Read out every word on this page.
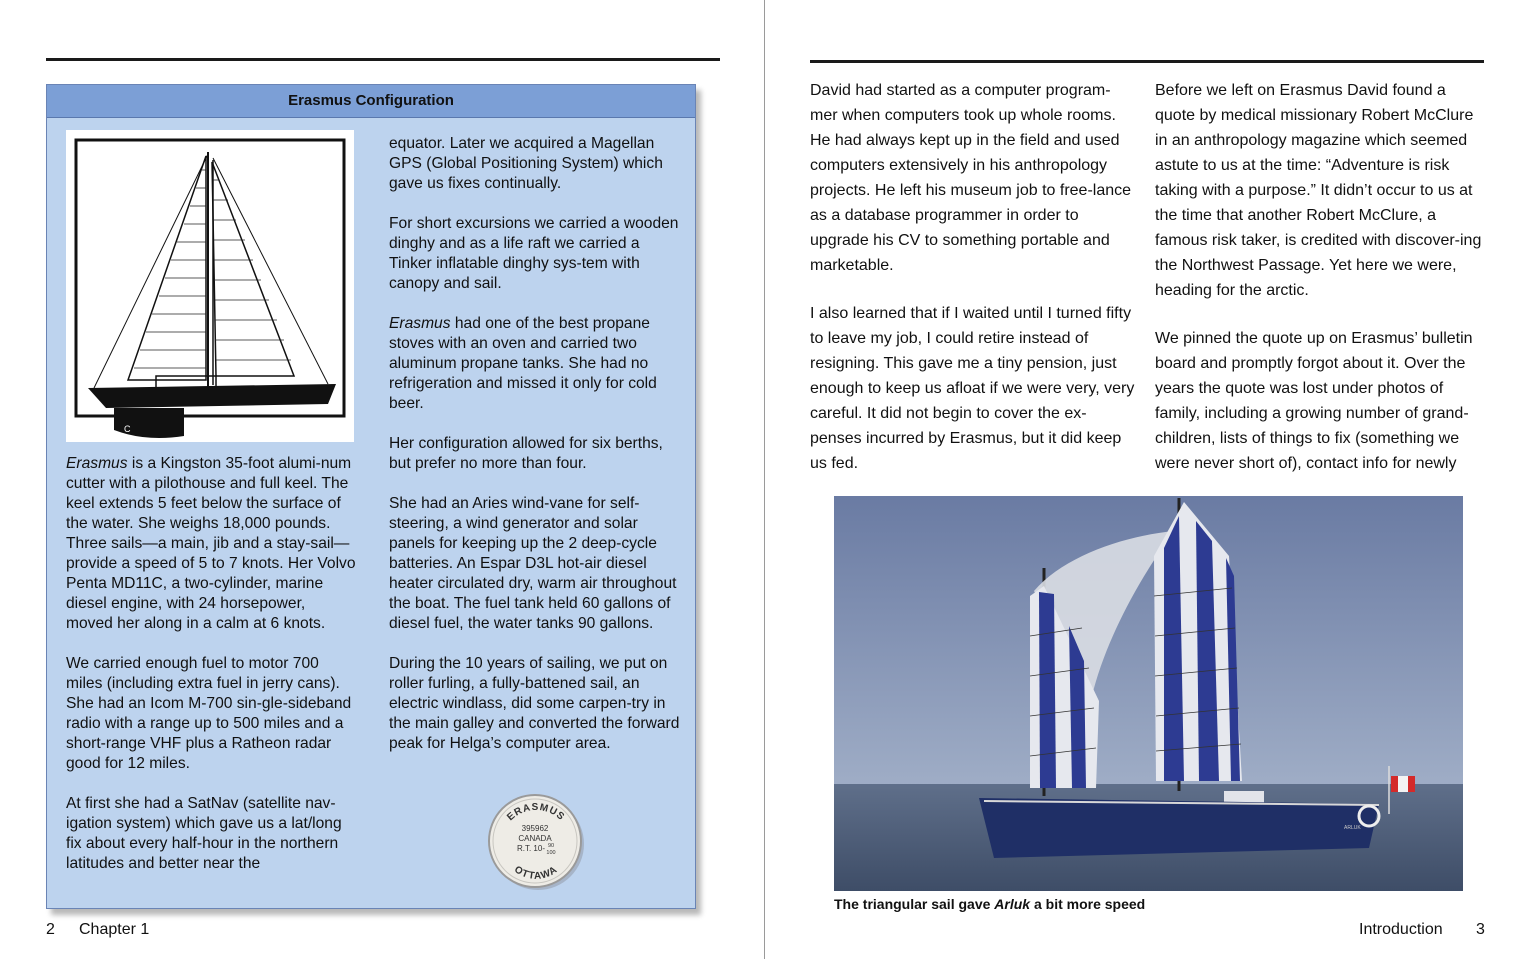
Erasmus Configuration
C

Erasmus is a Kingston 35-foot alumi-num cutter with a pilothouse and full keel. The keel extends 5 feet below the surface of the water. She weighs 18,000 pounds. Three sails—a main, jib and a stay-sail—provide a speed of 5 to 7 knots. Her Volvo Penta MD11C, a two-cylinder, marine diesel engine, with 24 horsepower, moved her along in a calm at 6 knots.

We carried enough fuel to motor 700 miles (including extra fuel in jerry cans). She had an Icom M-700 sin-gle-sideband radio with a range up to 500 miles and a short-range VHF plus a Ratheon radar good for 12 miles.

At first she had a SatNav (satellite nav-igation system) which gave us a lat/long fix about every half-hour in the northern latitudes and better near the

equator. Later we acquired a Magellan GPS (Global Positioning System) which gave us fixes continually.

For short excursions we carried a wooden dinghy and as a life raft we carried a Tinker inflatable dinghy sys-tem with canopy and sail.

Erasmus had one of the best propane stoves with an oven and carried two aluminum propane tanks. She had no refrigeration and missed it only for cold beer.

Her configuration allowed for six berths, but prefer no more than four.

She had an Aries wind-vane for self-steering, a wind generator and solar panels for keeping up the 2 deep-cycle batteries. An Espar D3L hot-air diesel heater circulated dry, warm air throughout the boat. The fuel tank held 60 gallons of diesel fuel, the water tanks 90 gallons.

During the 10 years of sailing, we put on roller furling, a fully-battened sail, an electric windlass, did some carpen-try in the main galley and converted the forward peak for Helga’s computer area.

ERASMUS
OTTAWA
395962
CANADA
R.T. 10- 90
100

David had started as a computer program-mer when computers took up whole rooms. He had always kept up in the field and used computers extensively in his anthropology projects. He left his museum job to free-lance as a database programmer in order to upgrade his CV to something portable and marketable.

I also learned that if I waited until I turned fifty to leave my job, I could retire instead of resigning. This gave me a tiny pension, just enough to keep us afloat if we were very, very careful. It did not begin to cover the ex-penses incurred by Erasmus, but it did keep us fed.

Before we left on Erasmus David found a quote by medical missionary Robert McClure in an anthropology magazine which seemed astute to us at the time: “Adventure is risk taking with a purpose.” It didn’t occur to us at the time that another Robert McClure, a famous risk taker, is credited with discover-ing the Northwest Passage. Yet here we were, heading for the arctic.

We pinned the quote up on Erasmus’ bulletin board and promptly forgot about it. Over the years the quote was lost under photos of family, including a growing number of grand-children, lists of things to fix (something we were never short of), contact info for newly

ARLUK
The triangular sail gave Arluk a bit more speed
2 Chapter 1	Introduction 3
